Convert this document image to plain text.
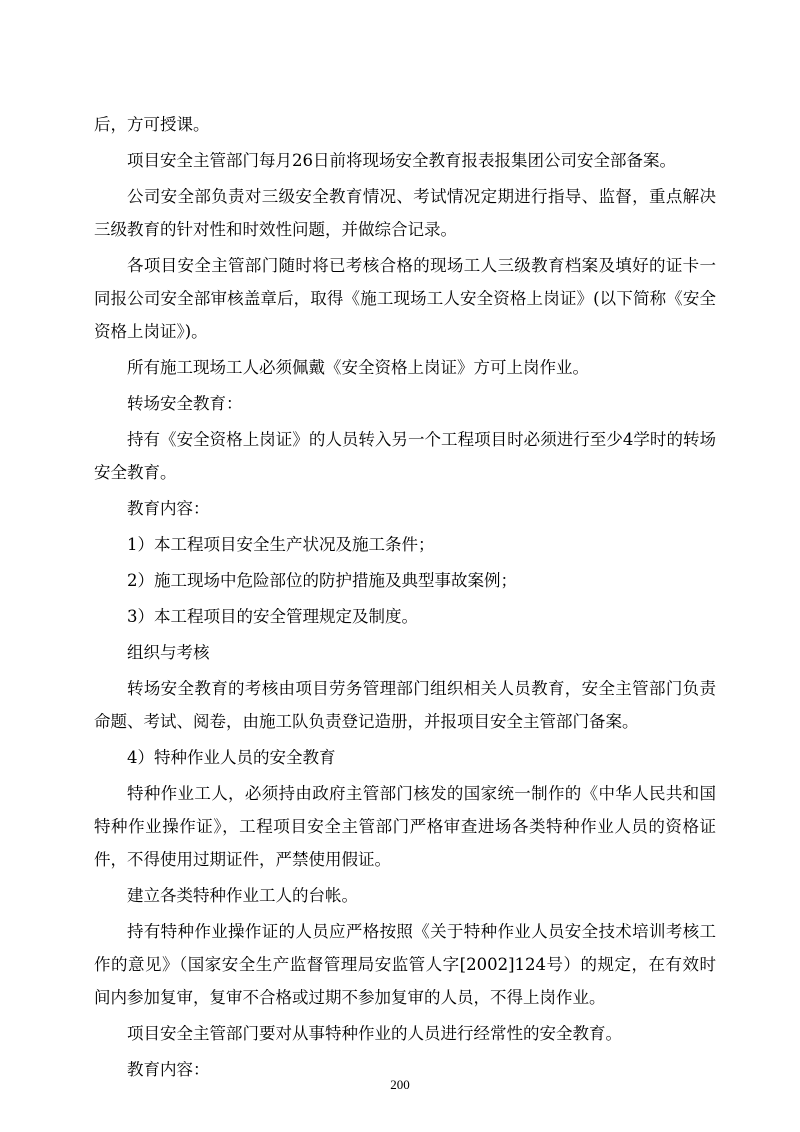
后，方可授课。

项目安全主管部门每月26日前将现场安全教育报表报集团公司安全部备案。

公司安全部负责对三级安全教育情况、考试情况定期进行指导、监督，重点解决三级教育的针对性和时效性问题，并做综合记录。

各项目安全主管部门随时将已考核合格的现场工人三级教育档案及填好的证卡一同报公司安全部审核盖章后，取得《施工现场工人安全资格上岗证》(以下简称《安全资格上岗证》)。

所有施工现场工人必须佩戴《安全资格上岗证》方可上岗作业。

转场安全教育：

持有《安全资格上岗证》的人员转入另一个工程项目时必须进行至少4学时的转场安全教育。

教育内容：

1）本工程项目安全生产状况及施工条件；

2）施工现场中危险部位的防护措施及典型事故案例；

3）本工程项目的安全管理规定及制度。

组织与考核

转场安全教育的考核由项目劳务管理部门组织相关人员教育，安全主管部门负责命题、考试、阅卷，由施工队负责登记造册，并报项目安全主管部门备案。

4）特种作业人员的安全教育

特种作业工人，必须持由政府主管部门核发的国家统一制作的《中华人民共和国特种作业操作证》，工程项目安全主管部门严格审查进场各类特种作业人员的资格证件，不得使用过期证件，严禁使用假证。

建立各类特种作业工人的台帐。

持有特种作业操作证的人员应严格按照《关于特种作业人员安全技术培训考核工作的意见》（国家安全生产监督管理局安监管人字[2002]124号）的规定，在有效时间内参加复审，复审不合格或过期不参加复审的人员，不得上岗作业。

项目安全主管部门要对从事特种作业的人员进行经常性的安全教育。

教育内容：

200
